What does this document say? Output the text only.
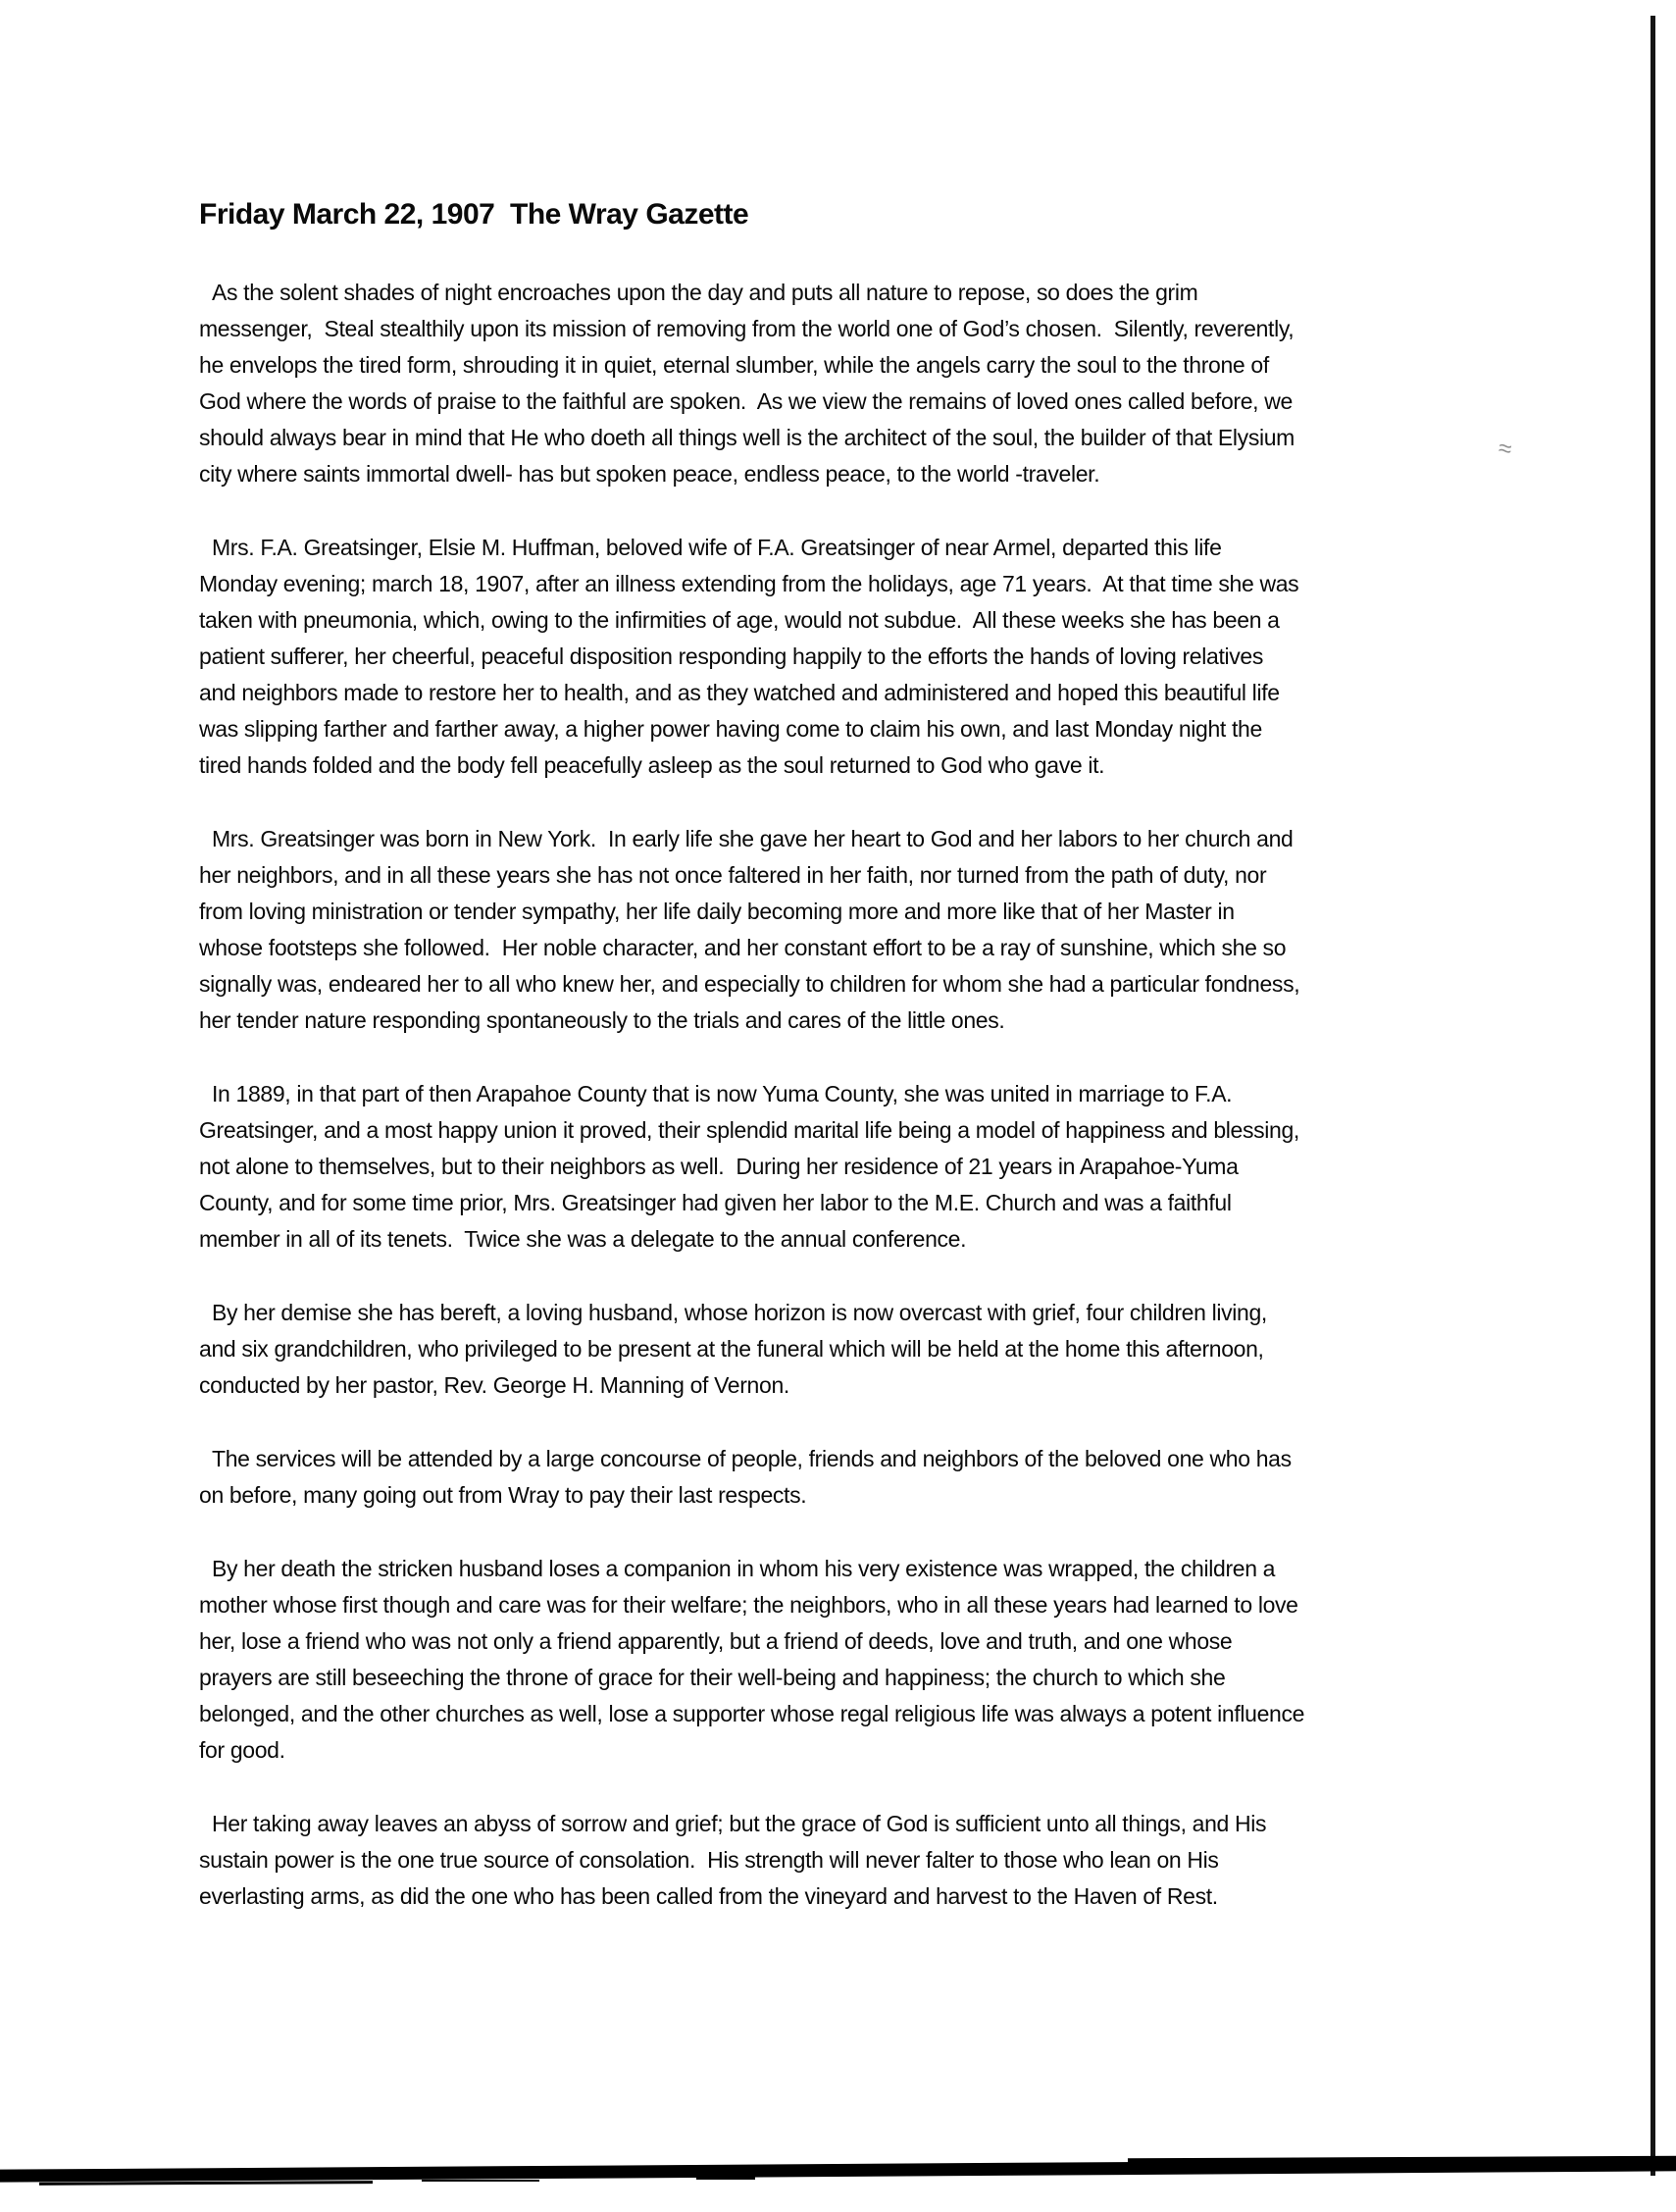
Friday March 22, 1907  The Wray Gazette

As the solent shades of night encroaches upon the day and puts all nature to repose, so does the grim
messenger,  Steal stealthily upon its mission of removing from the world one of God’s chosen.  Silently, reverently,
he envelops the tired form, shrouding it in quiet, eternal slumber, while the angels carry the soul to the throne of
God where the words of praise to the faithful are spoken.  As we view the remains of loved ones called before, we
should always bear in mind that He who doeth all things well is the architect of the soul, the builder of that Elysium
city where saints immortal dwell- has but spoken peace, endless peace, to the world -traveler.

Mrs. F.A. Greatsinger, Elsie M. Huffman, beloved wife of F.A. Greatsinger of near Armel, departed this life
Monday evening; march 18, 1907, after an illness extending from the holidays, age 71 years.  At that time she was
taken with pneumonia, which, owing to the infirmities of age, would not subdue.  All these weeks she has been a
patient sufferer, her cheerful, peaceful disposition responding happily to the efforts the hands of loving relatives
and neighbors made to restore her to health, and as they watched and administered and hoped this beautiful life
was slipping farther and farther away, a higher power having come to claim his own, and last Monday night the
tired hands folded and the body fell peacefully asleep as the soul returned to God who gave it.

Mrs. Greatsinger was born in New York.  In early life she gave her heart to God and her labors to her church and
her neighbors, and in all these years she has not once faltered in her faith, nor turned from the path of duty, nor
from loving ministration or tender sympathy, her life daily becoming more and more like that of her Master in
whose footsteps she followed.  Her noble character, and her constant effort to be a ray of sunshine, which she so
signally was, endeared her to all who knew her, and especially to children for whom she had a particular fondness,
her tender nature responding spontaneously to the trials and cares of the little ones.

In 1889, in that part of then Arapahoe County that is now Yuma County, she was united in marriage to F.A.
Greatsinger, and a most happy union it proved, their splendid marital life being a model of happiness and blessing,
not alone to themselves, but to their neighbors as well.  During her residence of 21 years in Arapahoe-Yuma
County, and for some time prior, Mrs. Greatsinger had given her labor to the M.E. Church and was a faithful
member in all of its tenets.  Twice she was a delegate to the annual conference.

By her demise she has bereft, a loving husband, whose horizon is now overcast with grief, four children living,
and six grandchildren, who privileged to be present at the funeral which will be held at the home this afternoon,
conducted by her pastor, Rev. George H. Manning of Vernon.

The services will be attended by a large concourse of people, friends and neighbors of the beloved one who has
on before, many going out from Wray to pay their last respects.

By her death the stricken husband loses a companion in whom his very existence was wrapped, the children a
mother whose first though and care was for their welfare; the neighbors, who in all these years had learned to love
her, lose a friend who was not only a friend apparently, but a friend of deeds, love and truth, and one whose
prayers are still beseeching the throne of grace for their well-being and happiness; the church to which she
belonged, and the other churches as well, lose a supporter whose regal religious life was always a potent influence
for good.

Her taking away leaves an abyss of sorrow and grief; but the grace of God is sufficient unto all things, and His
sustain power is the one true source of consolation.  His strength will never falter to those who lean on His
everlasting arms, as did the one who has been called from the vineyard and harvest to the Haven of Rest.

≈
